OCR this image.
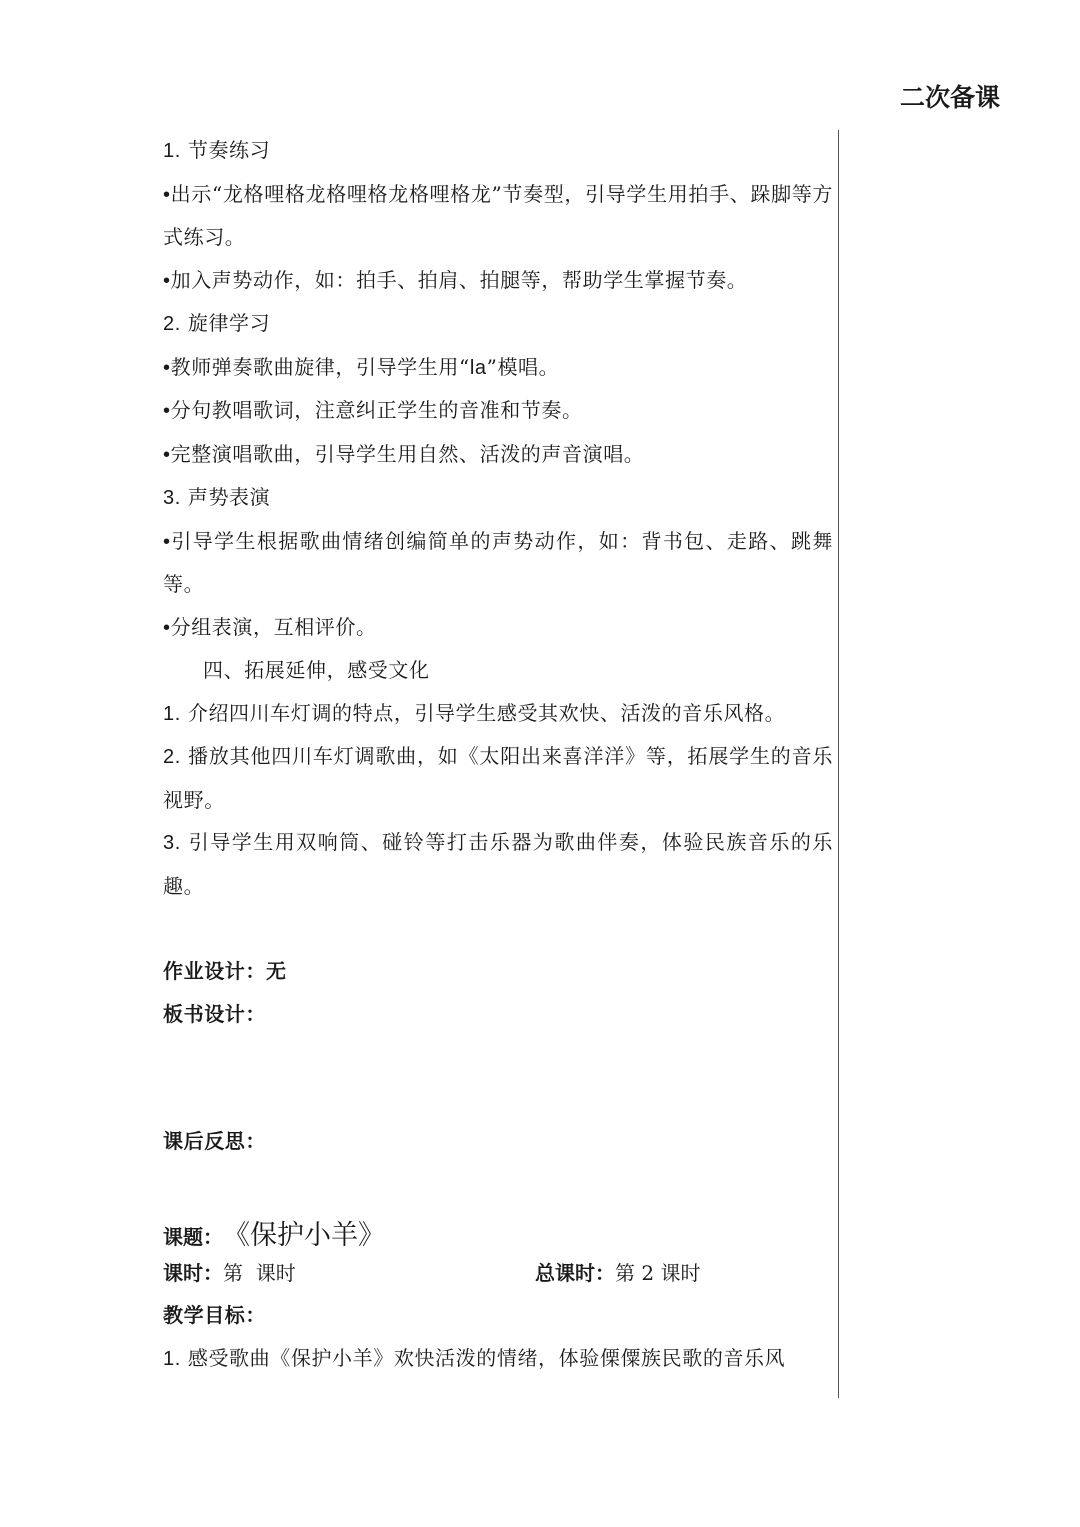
二次备课

1. 节奏练习

•出示“龙格哩格龙格哩格龙格哩格龙”节奏型，引导学生用拍手、跺脚等方式练习。

•加入声势动作，如：拍手、拍肩、拍腿等，帮助学生掌握节奏。

2. 旋律学习

•教师弹奏歌曲旋律，引导学生用“la”模唱。

•分句教唱歌词，注意纠正学生的音准和节奏。

•完整演唱歌曲，引导学生用自然、活泼的声音演唱。

3. 声势表演

•引导学生根据歌曲情绪创编简单的声势动作，如：背书包、走路、跳舞等。

•分组表演，互相评价。

四、拓展延伸，感受文化

1. 介绍四川车灯调的特点，引导学生感受其欢快、活泼的音乐风格。

2. 播放其他四川车灯调歌曲，如《太阳出来喜洋洋》等，拓展学生的音乐视野。

3. 引导学生用双响筒、碰铃等打击乐器为歌曲伴奏，体验民族音乐的乐趣。

作业设计：无

板书设计：

课后反思：

课题： 《保护小羊》
课时：第  课时	总课时：第 2 课时

教学目标：

1. 感受歌曲《保护小羊》欢快活泼的情绪，体验傈僳族民歌的音乐风
